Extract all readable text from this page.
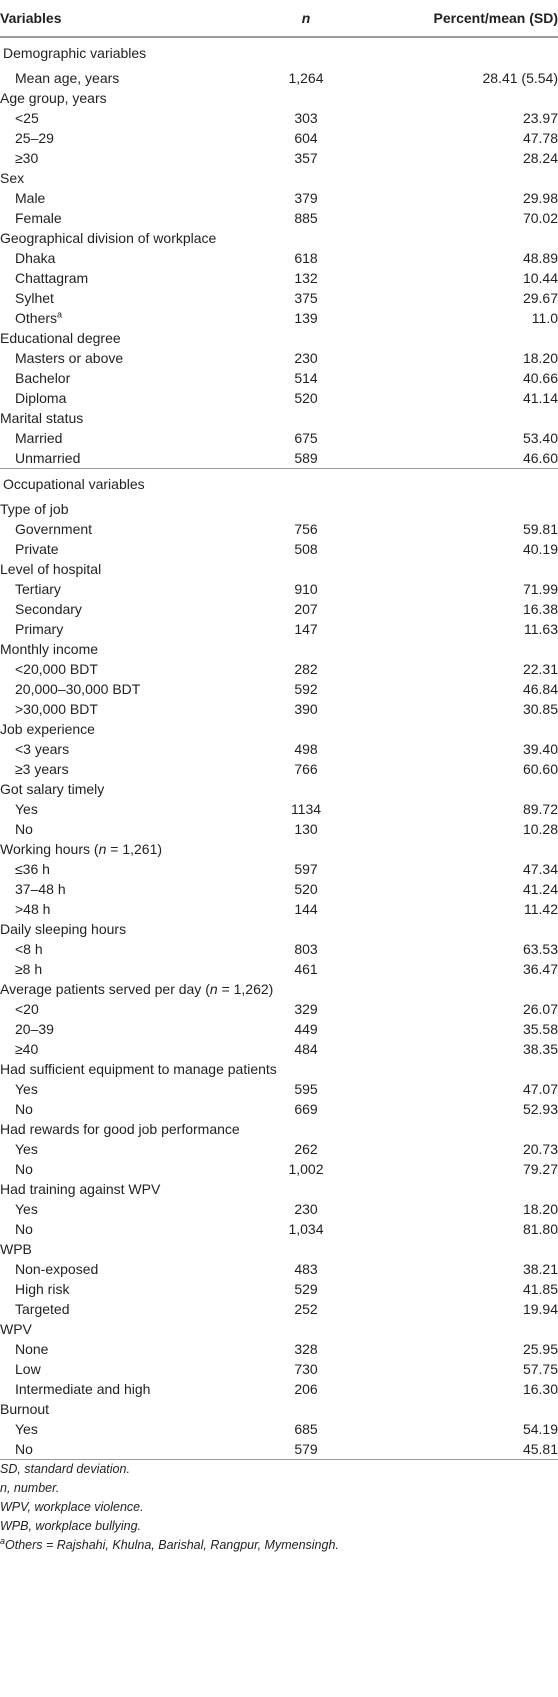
Variables	n	Percent/mean (SD)
Demographic variables
Mean age, years	1,264	28.41 (5.54)
Age group, years
<25	303	23.97
25–29	604	47.78
≥30	357	28.24
Sex
Male	379	29.98
Female	885	70.02
Geographical division of workplace
Dhaka	618	48.89
Chattagram	132	10.44
Sylhet	375	29.67
Others$^a$	139	11.0
Educational degree
Masters or above	230	18.20
Bachelor	514	40.66
Diploma	520	41.14
Marital status
Married	675	53.40
Unmarried	589	46.60
Occupational variables
Type of job
Government	756	59.81
Private	508	40.19
Level of hospital
Tertiary	910	71.99
Secondary	207	16.38
Primary	147	11.63
Monthly income
<20,000 BDT	282	22.31
20,000–30,000 BDT	592	46.84
>30,000 BDT	390	30.85
Job experience
<3 years	498	39.40
≥3 years	766	60.60
Got salary timely
Yes	1134	89.72
No	130	10.28
Working hours (n = 1,261)
≤36 h	597	47.34
37–48 h	520	41.24
>48 h	144	11.42
Daily sleeping hours
<8 h	803	63.53
≥8 h	461	36.47
Average patients served per day (n = 1,262)
<20	329	26.07
20–39	449	35.58
≥40	484	38.35
Had sufficient equipment to manage patients
Yes	595	47.07
No	669	52.93
Had rewards for good job performance
Yes	262	20.73
No	1,002	79.27
Had training against WPV
Yes	230	18.20
No	1,034	81.80
WPB
Non-exposed	483	38.21
High risk	529	41.85
Targeted	252	19.94
WPV
None	328	25.95
Low	730	57.75
Intermediate and high	206	16.30
Burnout
Yes	685	54.19
No	579	45.81
SD, standard deviation.
n, number.
WPV, workplace violence.
WPB, workplace bullying.
$^a$Others = Rajshahi, Khulna, Barishal, Rangpur, Mymensingh.
